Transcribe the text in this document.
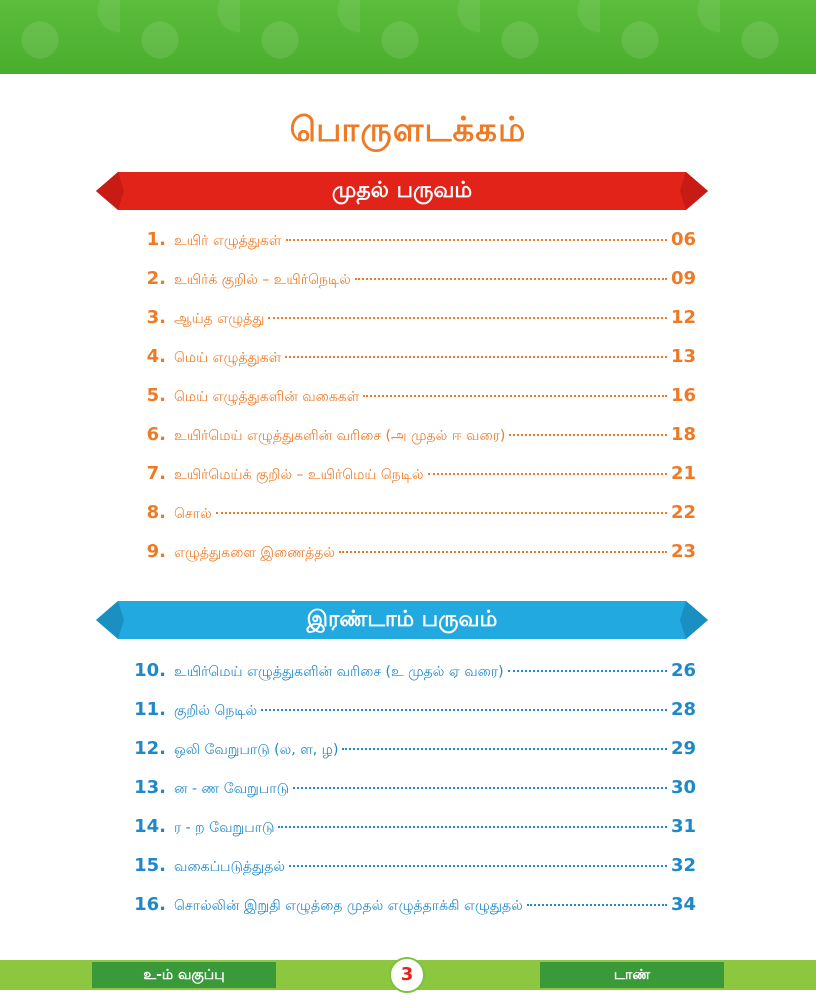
பொருளடக்கம்
முதல் பருவம்
1. உயிர் எழுத்துகள்	06
2. உயிர்க் குறில் – உயிர்நெடில்	09
3. ஆய்த எழுத்து	12
4. மெய் எழுத்துகள்	13
5. மெய் எழுத்துகளின் வகைகள்	16
6. உயிர்மெய் எழுத்துகளின் வரிசை (அ முதல் ஈ வரை)	18
7. உயிர்மெய்க் குறில் – உயிர்மெய் நெடில்	21
8. சொல்	22
9. எழுத்துகளை இணைத்தல்	23
இரண்டாம் பருவம்
10. உயிர்மெய் எழுத்துகளின் வரிசை (உ முதல் ஏ வரை)	26
11. குறில் நெடில்	28
12. ஒலி வேறுபாடு (ல, ள, ழ)	29
13. ன - ண வேறுபாடு	30
14. ர - ற வேறுபாடு	31
15. வகைப்படுத்துதல்	32
16. சொல்லின் இறுதி எழுத்தை முதல் எழுத்தாக்கி எழுதுதல்	34
உ-ம் வகுப்பு	3	டாண்
